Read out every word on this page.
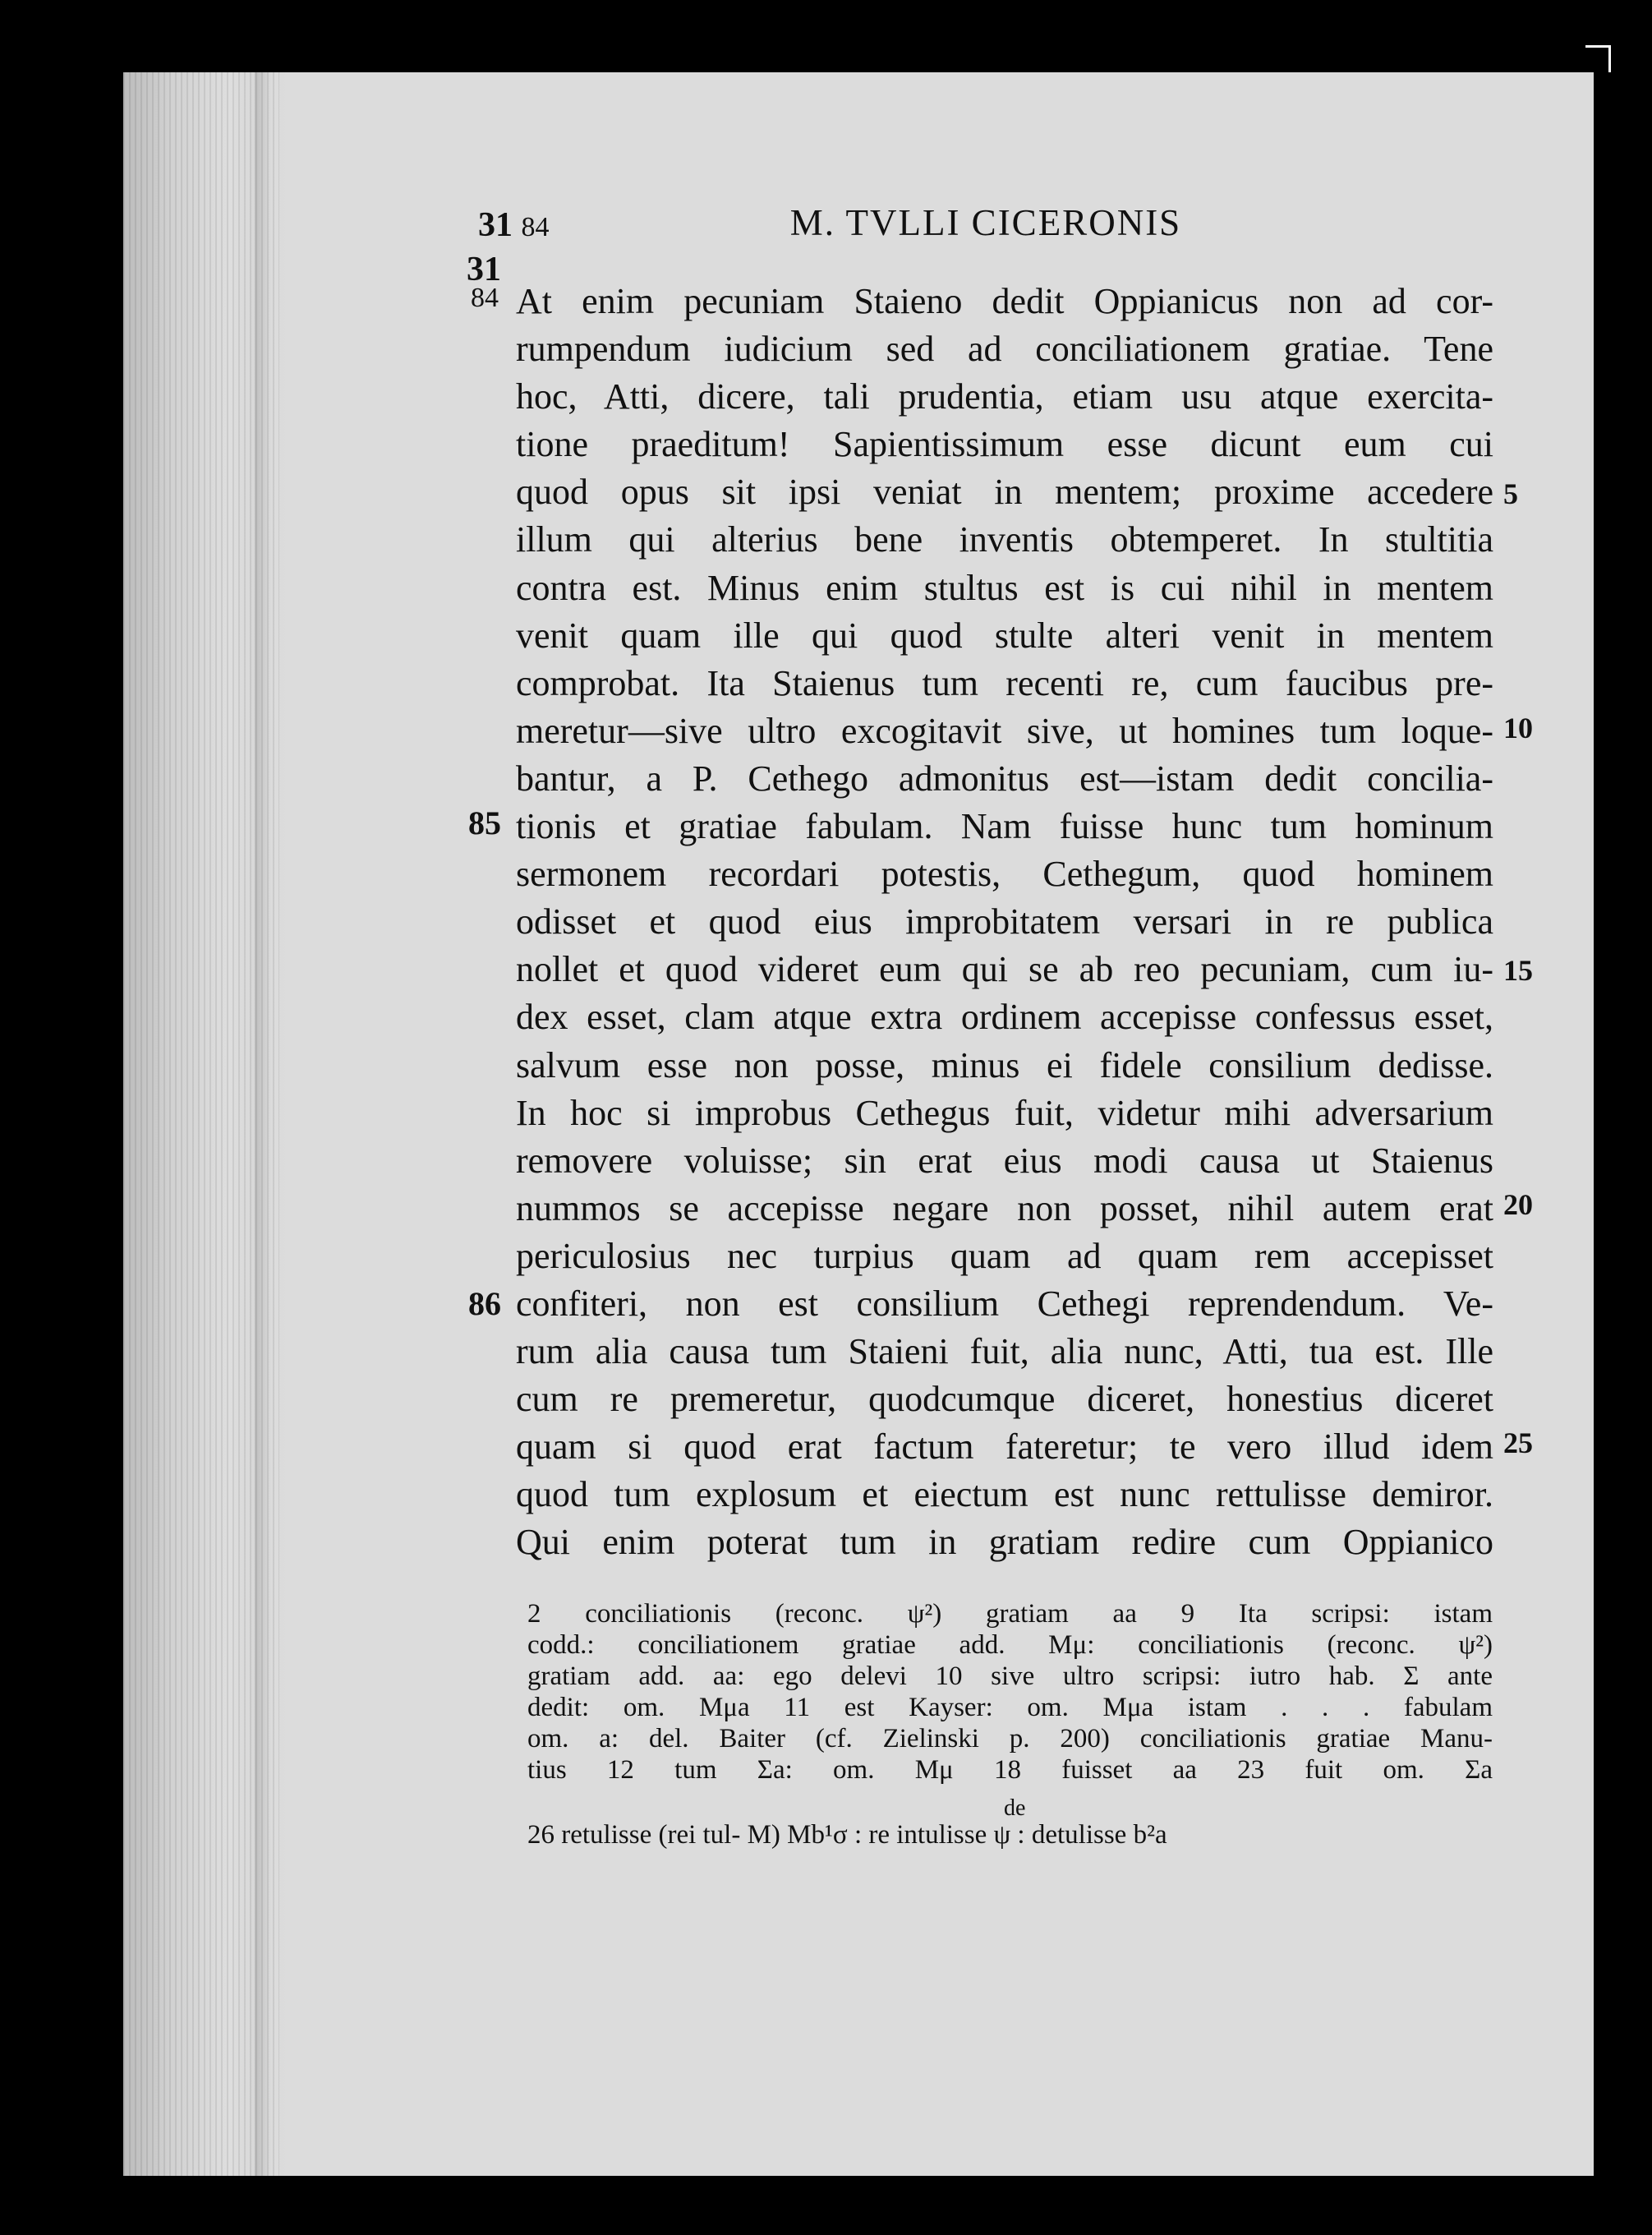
31 84	M. TVLLI CICERONIS
31
84
85
86
5
10
15
20
25
At enim pecuniam Staieno dedit Oppianicus non ad cor-
rumpendum iudicium sed ad conciliationem gratiae. Tene
hoc, Atti, dicere, tali prudentia, etiam usu atque exercita-
tione praeditum! Sapientissimum esse dicunt eum cui
quod opus sit ipsi veniat in mentem; proxime accedere
illum qui alterius bene inventis obtemperet. In stultitia
contra est. Minus enim stultus est is cui nihil in mentem
venit quam ille qui quod stulte alteri venit in mentem
comprobat. Ita Staienus tum recenti re, cum faucibus pre-
meretur—sive ultro excogitavit sive, ut homines tum loque-
bantur, a P. Cethego admonitus est—istam dedit concilia-
tionis et gratiae fabulam. Nam fuisse hunc tum hominum
sermonem recordari potestis, Cethegum, quod hominem
odisset et quod eius improbitatem versari in re publica
nollet et quod videret eum qui se ab reo pecuniam, cum iu-
dex esset, clam atque extra ordinem accepisse confessus esset,
salvum esse non posse, minus ei fidele consilium dedisse.
In hoc si improbus Cethegus fuit, videtur mihi adversarium
removere voluisse; sin erat eius modi causa ut Staienus
nummos se accepisse negare non posset, nihil autem erat
periculosius nec turpius quam ad quam rem accepisset
confiteri, non est consilium Cethegi reprendendum. Ve-
rum alia causa tum Staieni fuit, alia nunc, Atti, tua est. Ille
cum re premeretur, quodcumque diceret, honestius diceret
quam si quod erat factum fateretur; te vero illud idem
quod tum explosum et eiectum est nunc rettulisse demiror.
Qui enim poterat tum in gratiam redire cum Oppianico
2 conciliationis (reconc. ψ²) gratiam aa 9 Ita scripsi: istam
codd.: conciliationem gratiae add. Mμ: conciliationis (reconc. ψ²)
gratiam add. aa: ego delevi 10 sive ultro scripsi: iutro hab. Σ ante
dedit: om. Mμa 11 est Kayser: om. Mμa istam . . . fabulam
om. a: del. Baiter (cf. Zielinski p. 200) conciliationis gratiae Manu-
tius 12 tum Σa: om. Mμ 18 fuisset aa 23 fuit om. Σa
de
26 retulisse (rei tul- M) Mb¹σ : re intulisse ψ : detulisse b²a
